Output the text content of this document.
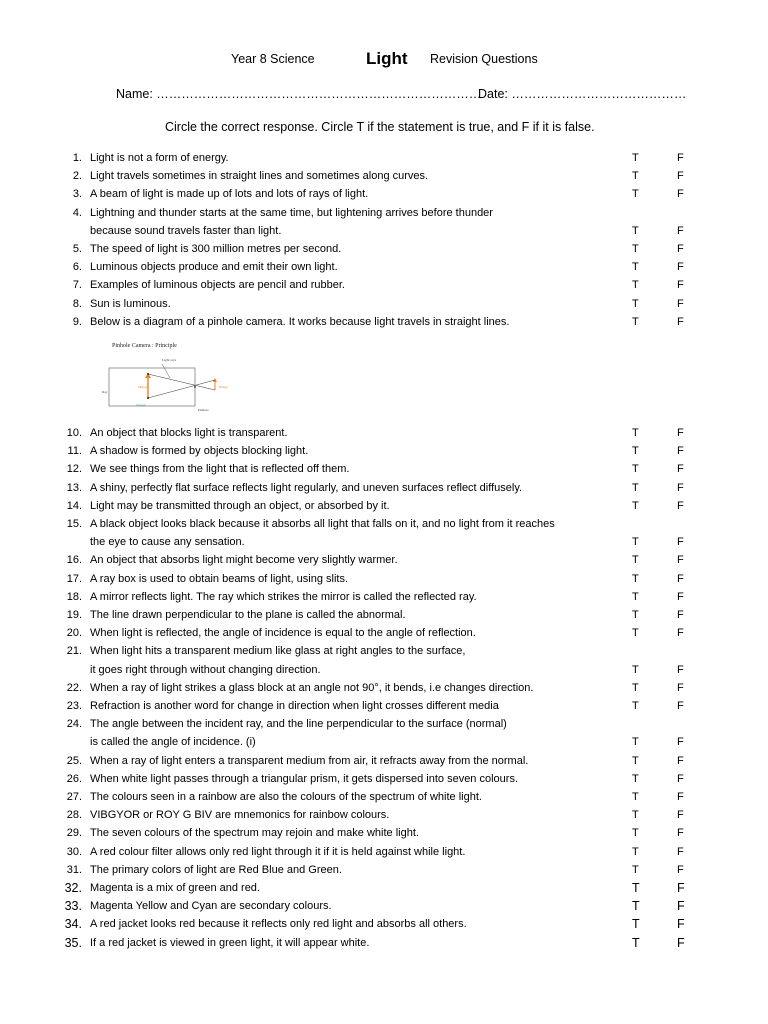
Year 8 Science	Light Revision Questions
Name: ……………………………………………………………………
Date: ……………………………………
Circle the correct response. Circle T if the statement is true, and F if it is false.
1. Light is not a form of energy.	T	F
2. Light travels sometimes in straight lines and sometimes along curves.	T	F
3. A beam of light is made up of lots and lots of rays of light.	T	F
4. Lightning and thunder starts at the same time, but lightening arrives before thunder
because sound travels faster than light.	T	F
5. The speed of light is 300 million metres per second.	T	F
6. Luminous objects produce and emit their own light.	T	F
7. Examples of luminous objects are pencil and rubber.	T	F
8. Sun is luminous.	T	F
9. Below is a diagram of a pinhole camera. It works because light travels in straight lines.	T	F
10. An object that blocks light is transparent.	T	F
11. A shadow is formed by objects blocking light.	T	F
12. We see things from the light that is reflected off them.	T	F
13. A shiny, perfectly flat surface reflects light regularly, and uneven surfaces reflect diffusely.	T	F
14. Light may be transmitted through an object, or absorbed by it.	T	F
15. A black object looks black because it absorbs all light that falls on it, and no light from it reaches
the eye to cause any sensation.	T	F
16. An object that absorbs light might become very slightly warmer.	T	F
17. A ray box is used to obtain beams of light, using slits.	T	F
18. A mirror reflects light. The ray which strikes the mirror is called the reflected ray.	T	F
19. The line drawn perpendicular to the plane is called the abnormal.	T	F
20. When light is reflected, the angle of incidence is equal to the angle of reflection.	T	F
21. When light hits a transparent medium like glass at right angles to the surface,
it goes right through without changing direction.	T	F
22. When a ray of light strikes a glass block at an angle not 90°, it bends, i.e changes direction.	T	F
23. Refraction is another word for change in direction when light crosses different media	T	F
24. The angle between the incident ray, and the line perpendicular to the surface (normal)
is called the angle of incidence. (i)	T	F
25. When a ray of light enters a transparent medium from air, it refracts away from the normal.	T	F
26. When white light passes through a triangular prism, it gets dispersed into seven colours.	T	F
27. The colours seen in a rainbow are also the colours of the spectrum of white light.	T	F
28. VIBGYOR or ROY G BIV are mnemonics for rainbow colours.	T	F
29. The seven colours of the spectrum may rejoin and make white light.	T	F
30. A red colour filter allows only red light through it if it is held against while light.	T	F
31. The primary colors of light are Red Blue and Green.	T	F
32. Magenta is a mix of green and red.	T	F
33. Magenta Yellow and Cyan are secondary colours.	T	F
34. A red jacket looks red because it reflects only red light and absorbs all others.	T	F
35. If a red jacket is viewed in green light, it will appear white.	T	F
Pinhole Camera : Principle
Light rays
Ray
Object
Screen
Pinhole
Image
